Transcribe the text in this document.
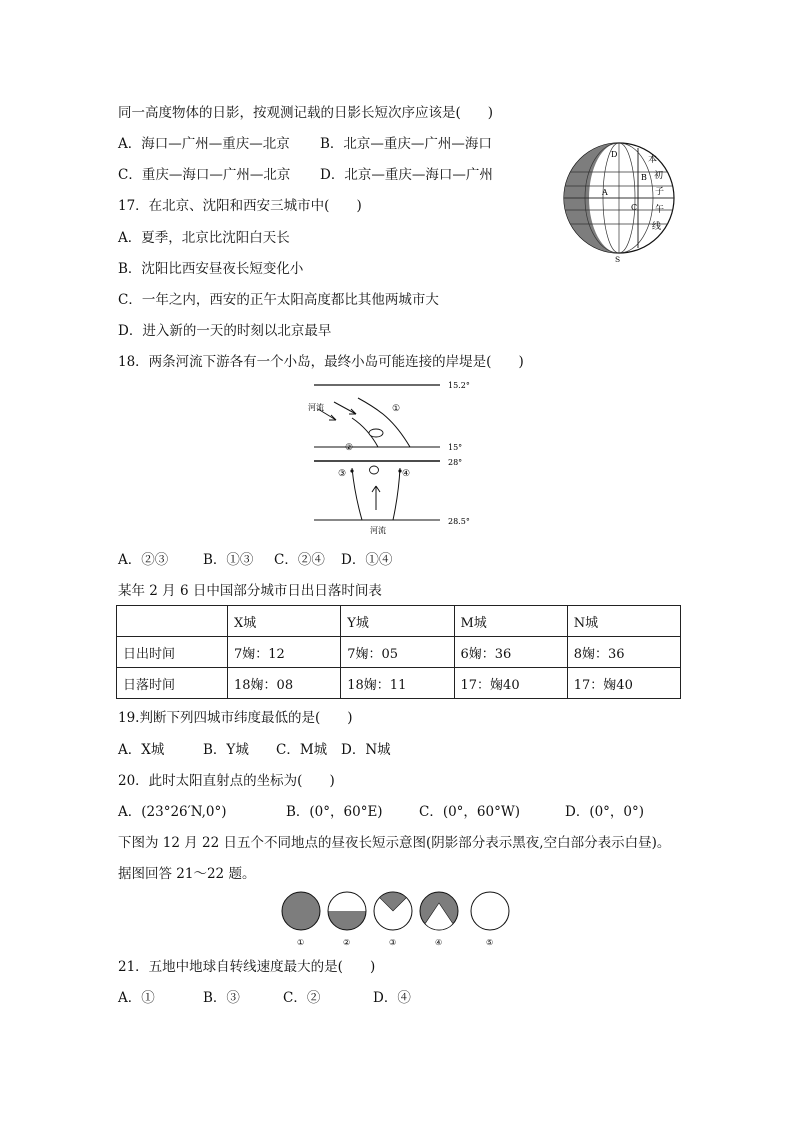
同一高度物体的日影，按观测记载的日影长短次序应该是(　　)
A．海口—广州—重庆—北京 B．北京—重庆—广州—海口
C．重庆—海口—广州—北京 D．北京—重庆—海口—广州
D
B
A
C
S
本
初
子
午
线
17．在北京、沈阳和西安三城市中(　　)
A．夏季，北京比沈阳白天长
B．沈阳比西安昼夜长短变化小
C．一年之内，西安的正午太阳高度都比其他两城市大
D．进入新的一天的时刻以北京最早
18．两条河流下游各有一个小岛，最终小岛可能连接的岸堤是(　　)
15.2°
15°
28°
28.5°
河流	①
②
③	④
河流
A．②③	B．①③ C．②④ D．①④
某年 2 月 6 日中国部分城市日出日落时间表
	X城	Y城	M城	N城
日出时间	7婅：12	7婅：05	6婅：36	8婅：36
日落时间	18婅：08	18婅：11	17：婅40	17：婅40
19.判断下列四城市纬度最低的是(　　)
A．X城	B．Y城 C．M城 D．N城
20．此时太阳直射点的坐标为(　　)
A．(23°26′N,0°)	B．(0°，60°E)	C．(0°，60°W)	D．(0°，0°)
下图为 12 月 22 日五个不同地点的昼夜长短示意图(阴影部分表示黑夜,空白部分表示白昼)。
据图回答 21～22 题。
①	②	③	④	⑤
21．五地中地球自转线速度最大的是(　　)
A．①	B．③	C．②	D．④
